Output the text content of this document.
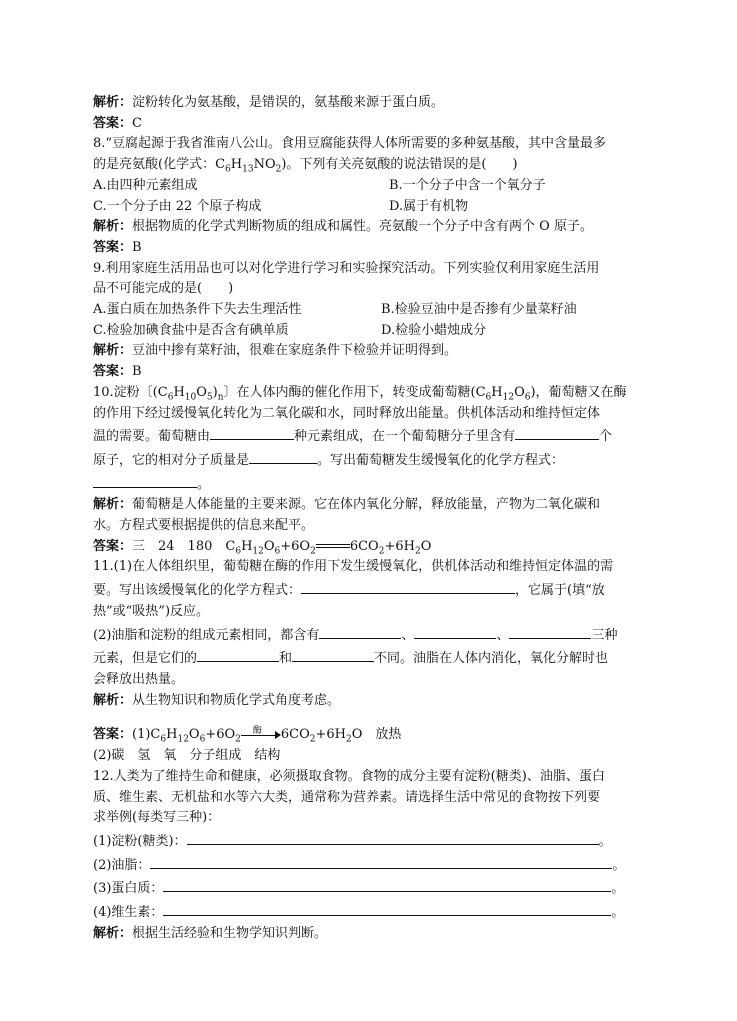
解析：淀粉转化为氨基酸，是错误的，氨基酸来源于蛋白质。
答案：C
8.“豆腐起源于我省淮南八公山。食用豆腐能获得人体所需要的多种氨基酸，其中含量最多
的是亮氨酸(化学式：$C_6H_{13}NO_2$)。下列有关亮氨酸的说法错误的是(　　)
A.由四种元素组成	B.一个分子中含一个氧分子
C.一个分子由 22 个原子构成	D.属于有机物
解析：根据物质的化学式判断物质的组成和属性。亮氨酸一个分子中含有两个 O 原子。
答案：B
9.利用家庭生活用品也可以对化学进行学习和实验探究活动。下列实验仅利用家庭生活用
品不可能完成的是(　　)
A.蛋白质在加热条件下失去生理活性	B.检验豆油中是否掺有少量菜籽油
C.检验加碘食盐中是否含有碘单质	D.检验小蜡烛成分
解析：豆油中掺有菜籽油，很难在家庭条件下检验并证明得到。
答案：B
10.淀粉〔$(C_6H_{10}O_5)_n$〕在人体内酶的催化作用下，转变成葡萄糖$(C_6H_{12}O_6)$，葡萄糖又在酶
的作用下经过缓慢氧化转化为二氧化碳和水，同时释放出能量。供机体活动和维持恒定体
温的需要。葡萄糖由	种元素组成，在一个葡萄糖分子里含有	个
原子，它的相对分子质量是	。写出葡萄糖发生缓慢氧化的化学方程式：
。
解析：葡萄糖是人体能量的主要来源。它在体内氧化分解，释放能量，产物为二氧化碳和
水。方程式要根据提供的信息来配平。
答案：三　24　180　$C_6H_{12}O_6+6O_2$	$6CO_2+6H_2O$
11.(1)在人体组织里，葡萄糖在酶的作用下发生缓慢氧化，供机体活动和维持恒定体温的需
要。写出该缓慢氧化的化学方程式：	，它属于(填“放
热”或“吸热”)反应。
(2)油脂和淀粉的组成元素相同，都含有	、	、	三种
元素，但是它们的	和	不同。油脂在人体内消化，氧化分解时也
会释放出热量。
解析：从生物知识和物质化学式角度考虑。
答案：$(1)C_6H_{12}O_6+6O_2$
酶 $6CO_2+6H_2O$　放热
(2)碳　氢　氧　分子组成　结构
12.人类为了维持生命和健康，必须摄取食物。食物的成分主要有淀粉(糖类)、油脂、蛋白
质、维生素、无机盐和水等六大类，通常称为营养素。请选择生活中常见的食物按下列要
求举例(每类写三种)：
(1)淀粉(糖类)：	。
(2)油脂：	。
(3)蛋白质：	。
(4)维生素：	。
解析：根据生活经验和生物学知识判断。
